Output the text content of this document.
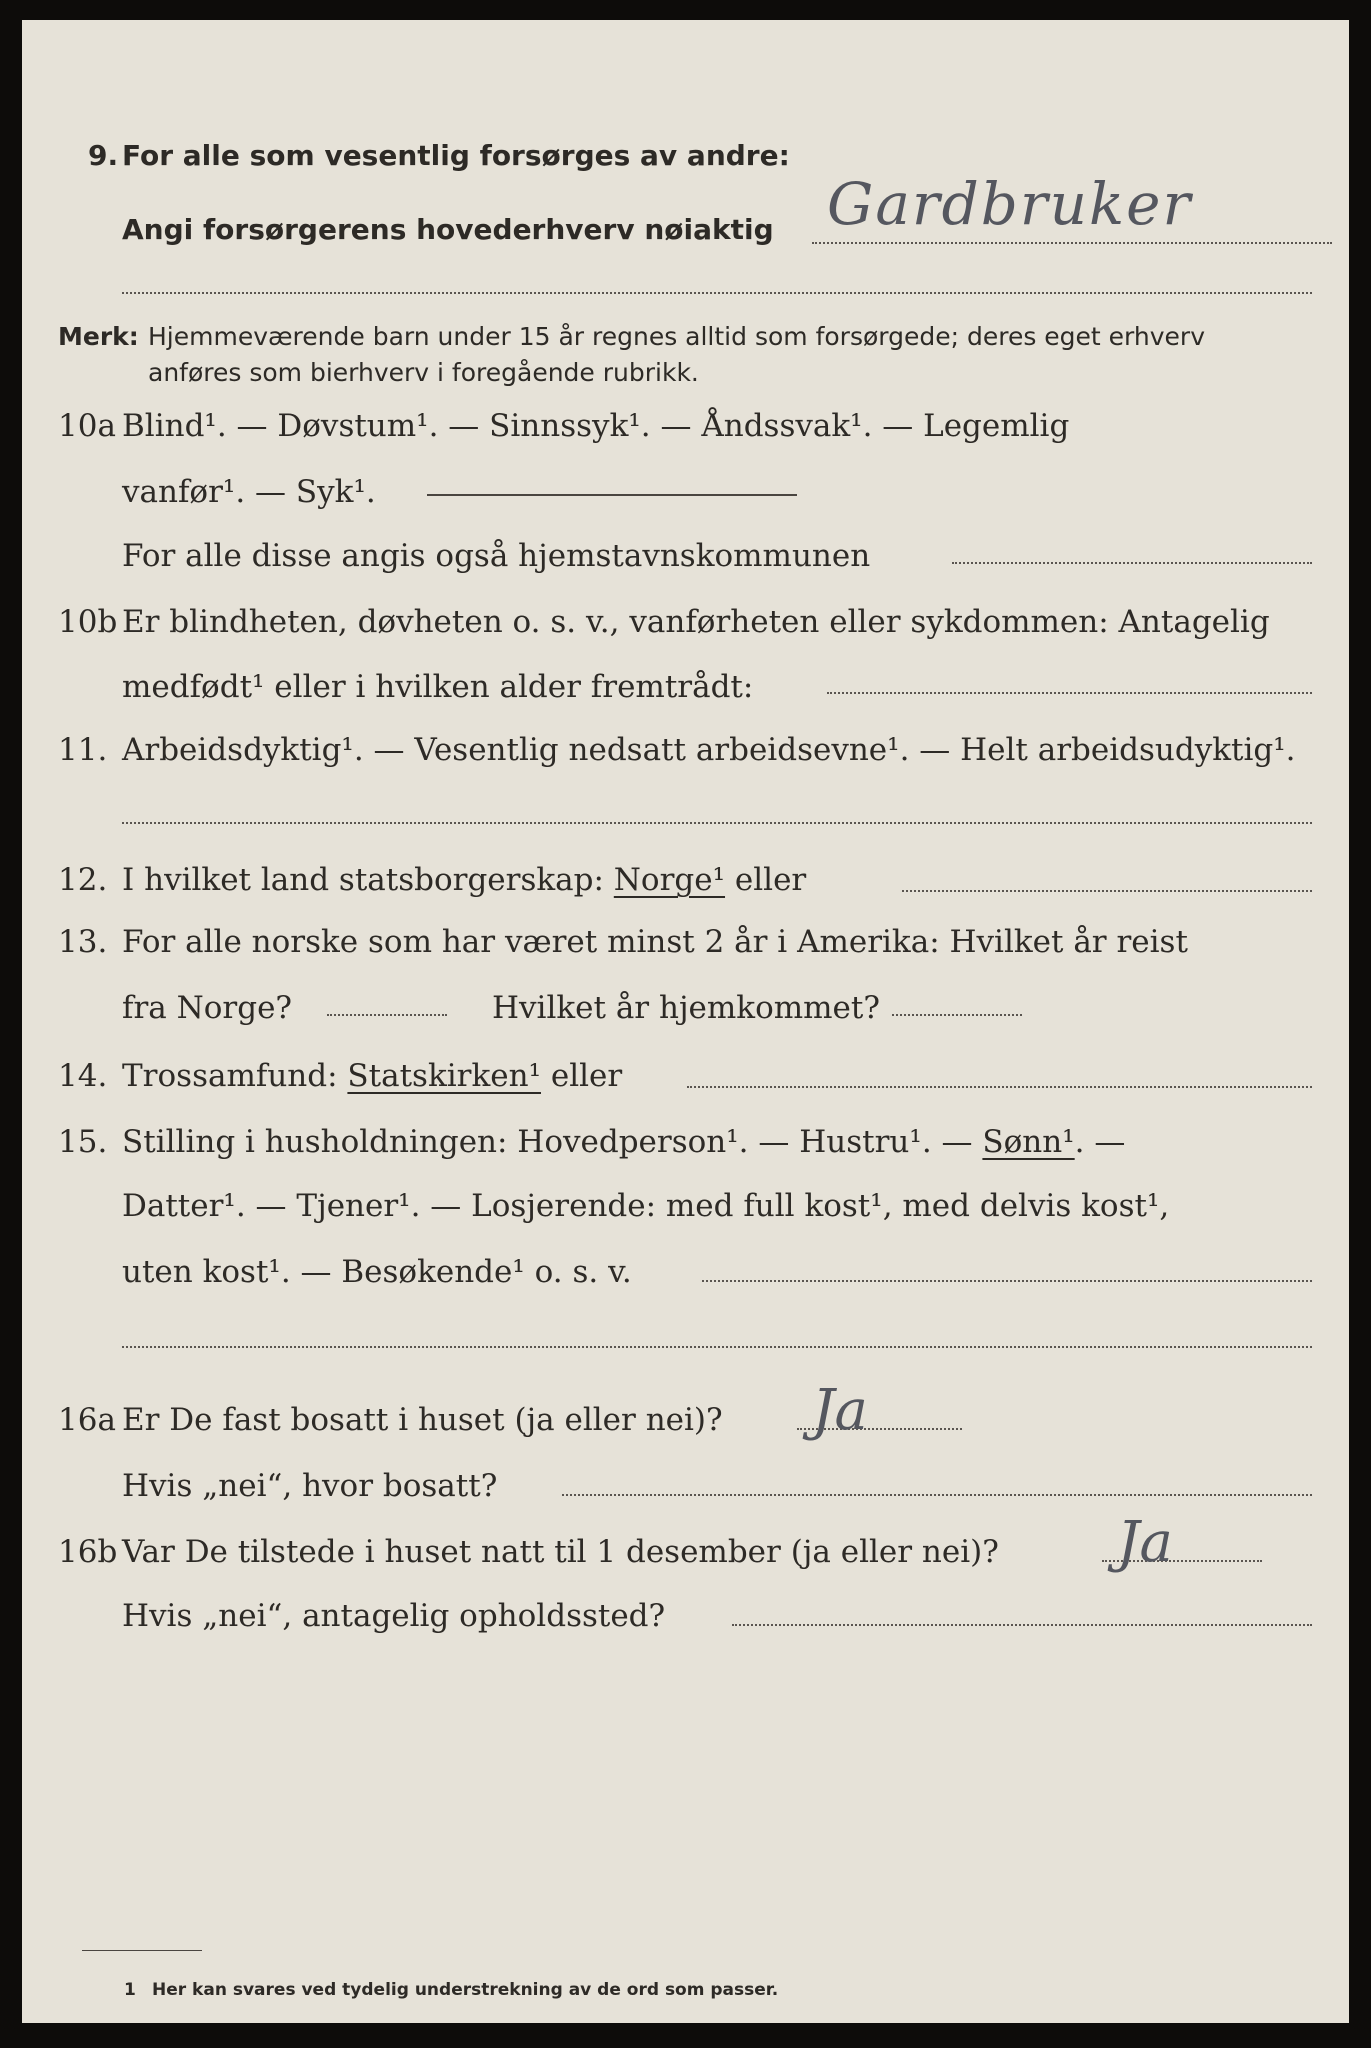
9. For alle som vesentlig forsørges av andre:
Angi forsørgerens hovederhverv nøiaktig Gardbruker
Merk: Hjemmeværende barn under 15 år regnes alltid som forsørgede; deres eget erhverv
anføres som bierhverv i foregående rubrikk.
10a Blind¹. — Døvstum¹. — Sinnssyk¹. — Åndssvak¹. — Legemlig
vanfør¹. — Syk¹.
For alle disse angis også hjemstavnskommunen
10b Er blindheten, døvheten o. s. v., vanførheten eller sykdommen: Antagelig
medfødt¹ eller i hvilken alder fremtrådt:
11. Arbeidsdyktig¹. — Vesentlig nedsatt arbeidsevne¹. — Helt arbeidsudyktig¹.
12. I hvilket land statsborgerskap: Norge¹ eller
13. For alle norske som har været minst 2 år i Amerika: Hvilket år reist
fra Norge?	Hvilket år hjemkommet?
14. Trossamfund: Statskirken¹ eller
15. Stilling i husholdningen: Hovedperson¹. — Hustru¹. — Sønn¹. —
Datter¹. — Tjener¹. — Losjerende: med full kost¹, med delvis kost¹,
uten kost¹. — Besøkende¹ o. s. v.
16a Er De fast bosatt i huset (ja eller nei)? Ja
Hvis „nei“, hvor bosatt?
16b Var De tilstede i huset natt til 1 desember (ja eller nei)? Ja
Hvis „nei“, antagelig opholdssted?
1 Her kan svares ved tydelig understrekning av de ord som passer.
